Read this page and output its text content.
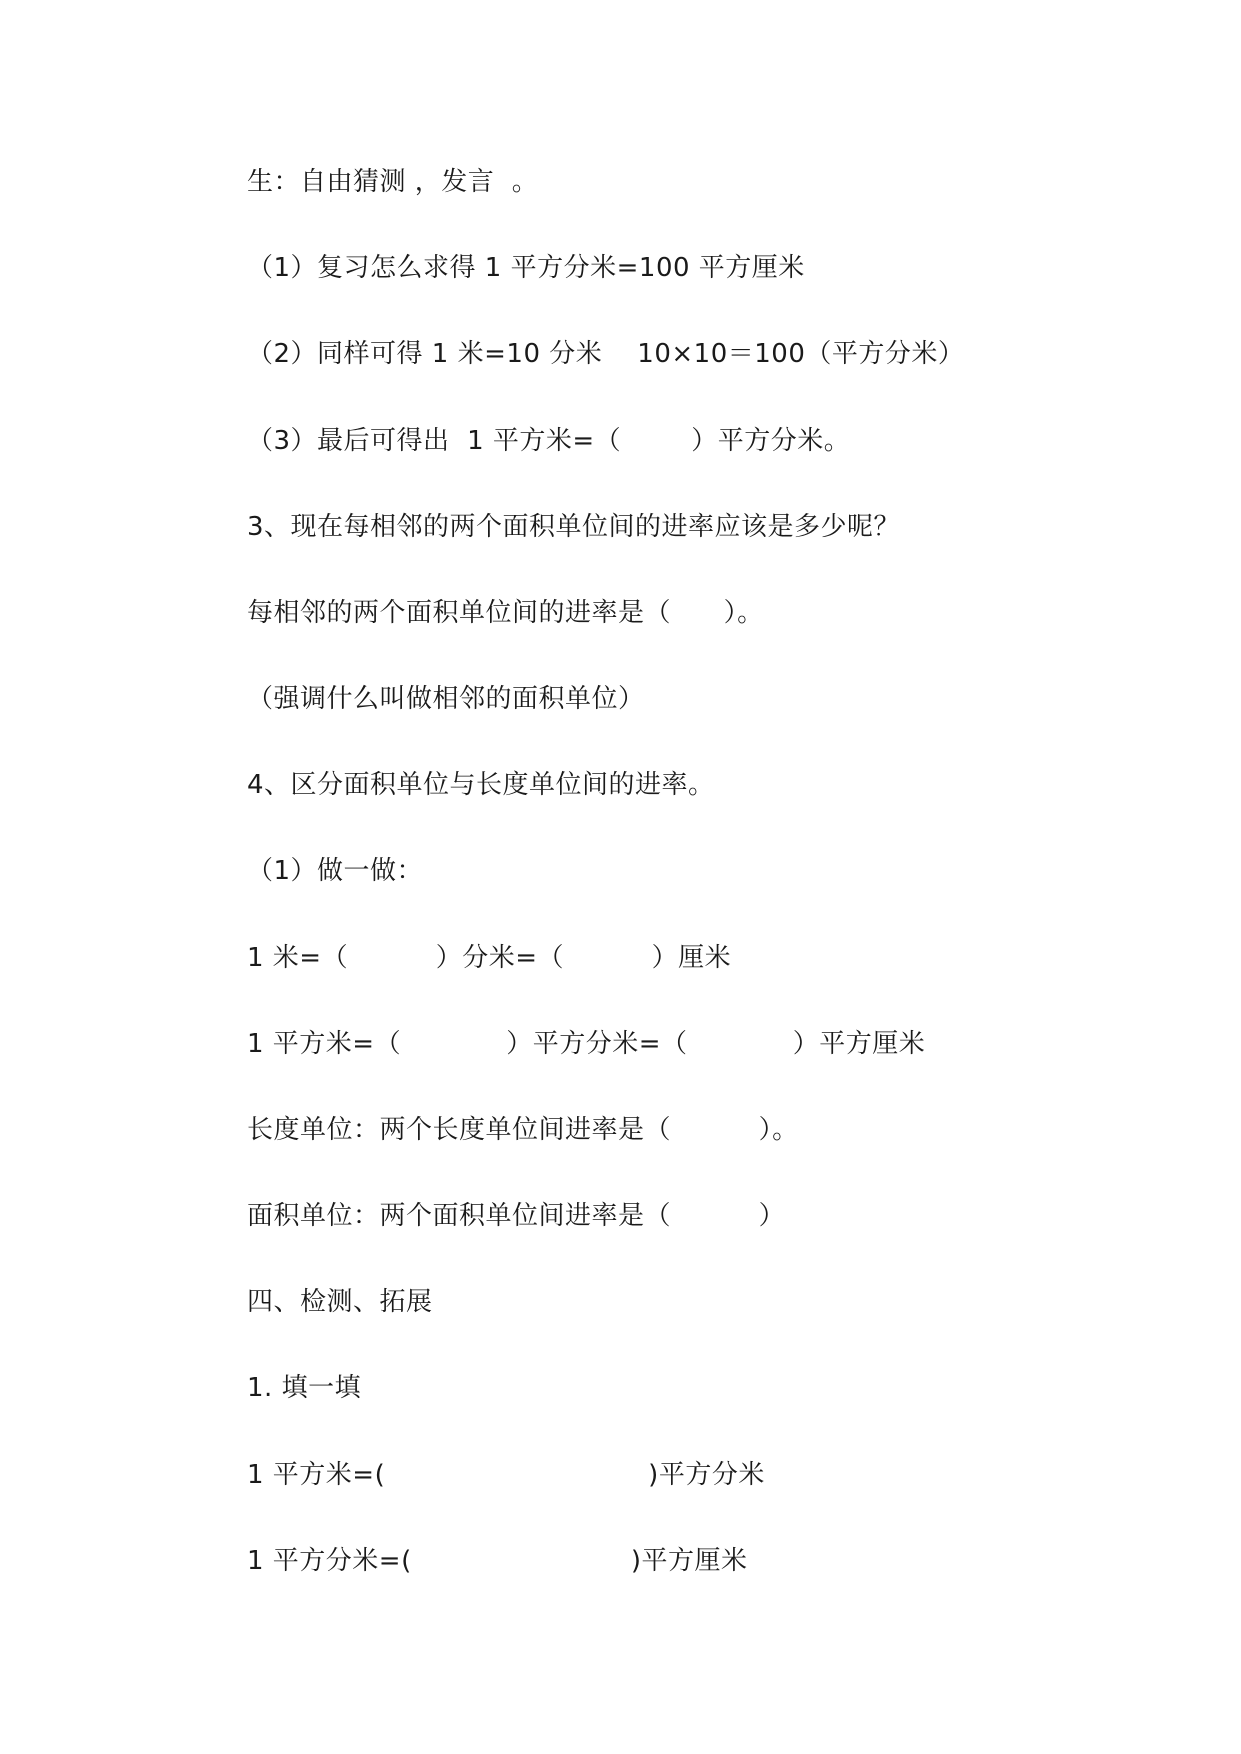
生：自由猜测 ，发言  。
（1）复习怎么求得 1 平方分米=100 平方厘米
（2）同样可得 1 米=10 分米    10×10＝100（平方分米）
（3）最后可得出  1 平方米=（        ）平方分米。
3、现在每相邻的两个面积单位间的进率应该是多少呢？
每相邻的两个面积单位间的进率是（      ）。
（强调什么叫做相邻的面积单位）
4、区分面积单位与长度单位间的进率。
（1）做一做：
1 米=（          ）分米=（          ）厘米
1 平方米=（            ）平方分米=（            ）平方厘米
长度单位：两个长度单位间进率是（          ）。
面积单位：两个面积单位间进率是（          ）
四、检测、拓展
1. 填一填
1 平方米=(                              )平方分米
1 平方分米=(                         )平方厘米
